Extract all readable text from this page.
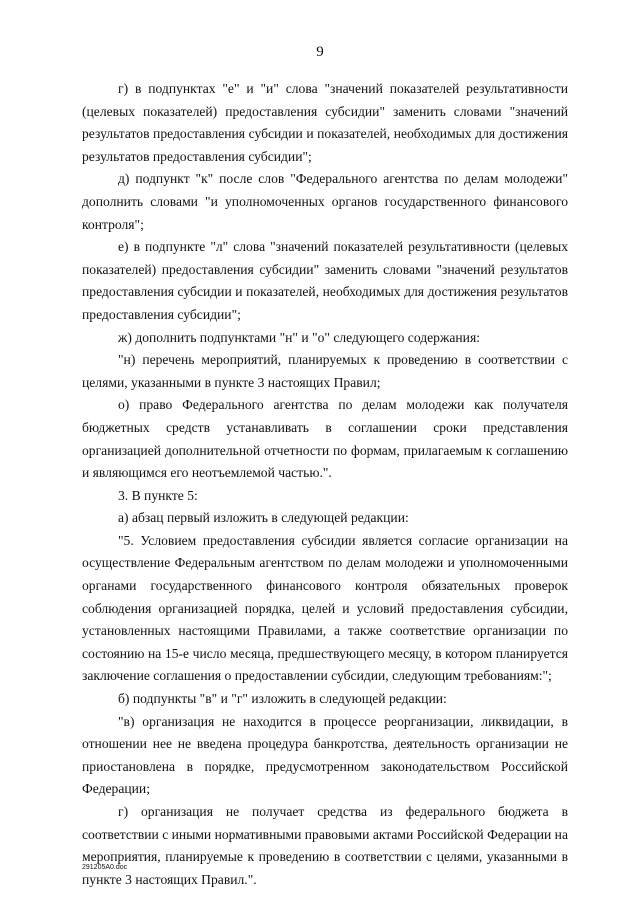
9

г) в подпунктах "е" и "и" слова "значений показателей результативности (целевых показателей) предоставления субсидии" заменить словами "значений результатов предоставления субсидии и показателей, необходимых для достижения результатов предоставления субсидии";

д) подпункт "к" после слов "Федерального агентства по делам молодежи" дополнить словами "и уполномоченных органов государственного финансового контроля";

е) в подпункте "л" слова "значений показателей результативности (целевых показателей) предоставления субсидии" заменить словами "значений результатов предоставления субсидии и показателей, необходимых для достижения результатов предоставления субсидии";

ж) дополнить подпунктами "н" и "о" следующего содержания:

"н) перечень мероприятий, планируемых к проведению в соответствии с целями, указанными в пункте 3 настоящих Правил;

о) право Федерального агентства по делам молодежи как получателя бюджетных средств устанавливать в соглашении сроки представления организацией дополнительной отчетности по формам, прилагаемым к соглашению и являющимся его неотъемлемой частью.".

3. В пункте 5:

а) абзац первый изложить в следующей редакции:

"5. Условием предоставления субсидии является согласие организации на осуществление Федеральным агентством по делам молодежи и уполномоченными органами государственного финансового контроля обязательных проверок соблюдения организацией порядка, целей и условий предоставления субсидии, установленных настоящими Правилами, а также соответствие организации по состоянию на 15-е число месяца, предшествующего месяцу, в котором планируется заключение соглашения о предоставлении субсидии, следующим требованиям:";

б) подпункты "в" и "г" изложить в следующей редакции:

"в) организация не находится в процессе реорганизации, ликвидации, в отношении нее не введена процедура банкротства, деятельность организации не приостановлена в порядке, предусмотренном законодательством Российской Федерации;

г) организация не получает средства из федерального бюджета в соответствии с иными нормативными правовыми актами Российской Федерации на мероприятия, планируемые к проведению в соответствии с целями, указанными в пункте 3 настоящих Правил.".

291205A0.doc
